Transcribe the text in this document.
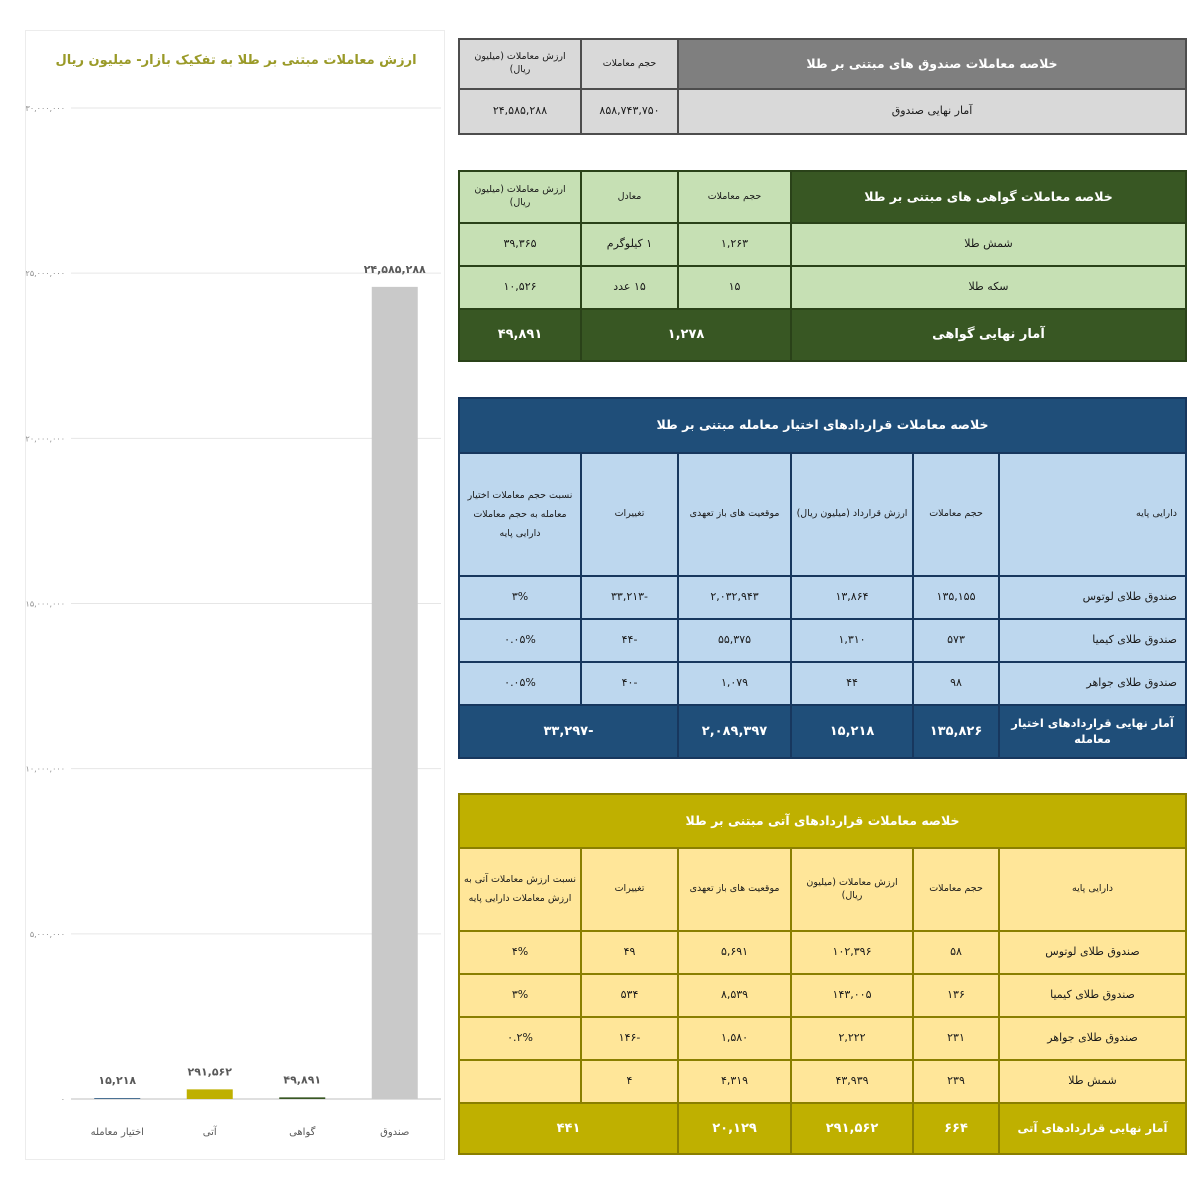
۰
۵,۰۰۰,۰۰۰
۱۰,۰۰۰,۰۰۰
۱۵,۰۰۰,۰۰۰
۲۰,۰۰۰,۰۰۰
۲۵,۰۰۰,۰۰۰
۳۰,۰۰۰,۰۰۰
۱۵,۲۱۸
اختیار معامله
۲۹۱,۵۶۲
آتی
۴۹,۸۹۱
گواهی
۲۴,۵۸۵,۲۸۸
صندوق
ارزش معاملات مبتنی بر طلا به تفکیک بازار- میلیون ریال	خلاصه معاملات صندوق های مبتنی بر طلا	حجم معاملات	ارزش معاملات (میلیون ریال)
آمار نهایی صندوق	۸۵۸,۷۴۳,۷۵۰	۲۴,۵۸۵,۲۸۸
خلاصه معاملات گواهی های مبتنی بر طلا	حجم معاملات	معادل	ارزش معاملات (میلیون ریال)
شمش طلا	۱,۲۶۳	۱ کیلوگرم	۳۹,۳۶۵
سکه طلا	۱۵	۱۵ عدد	۱۰,۵۲۶
آمار نهایی گواهی	۱,۲۷۸		۴۹,۸۹۱
خلاصه معاملات قراردادهای اختیار معامله مبتنی بر طلا					
دارایی پایه	حجم معاملات	ارزش قرارداد (میلیون ریال)	موقعیت های باز تعهدی	تغییرات	نسبت حجم معاملات اختیار معامله به حجم معاملات دارایی پایه
صندوق طلای لوتوس	۱۳۵,۱۵۵	۱۳,۸۶۴	۲,۰۳۲,۹۴۳	-۳۳,۲۱۳	۳%
صندوق طلای کیمیا	۵۷۳	۱,۳۱۰	۵۵,۳۷۵	-۴۴	۰.۰۵%
صندوق طلای جواهر	۹۸	۴۴	۱,۰۷۹	-۴۰	۰.۰۵%
آمار نهایی قراردادهای اختیار معامله	۱۳۵,۸۲۶	۱۵,۲۱۸	۲,۰۸۹,۳۹۷	-۳۳,۲۹۷	
خلاصه معاملات قراردادهای آتی مبتنی بر طلا					
دارایی پایه	حجم معاملات	ارزش معاملات (میلیون ریال)	موقعیت های باز تعهدی	تغییرات	نسبت ارزش معاملات آتی به ارزش معاملات دارایی پایه
صندوق طلای لوتوس	۵۸	۱۰۲,۳۹۶	۵,۶۹۱	۴۹	۴%
صندوق طلای کیمیا	۱۳۶	۱۴۳,۰۰۵	۸,۵۳۹	۵۳۴	۳%
صندوق طلای جواهر	۲۳۱	۲,۲۲۲	۱,۵۸۰	-۱۴۶	۰.۲%
شمش طلا	۲۳۹	۴۳,۹۳۹	۴,۳۱۹	۴	
آمار نهایی قراردادهای آتی	۶۶۴	۲۹۱,۵۶۲	۲۰,۱۲۹	۴۴۱	
